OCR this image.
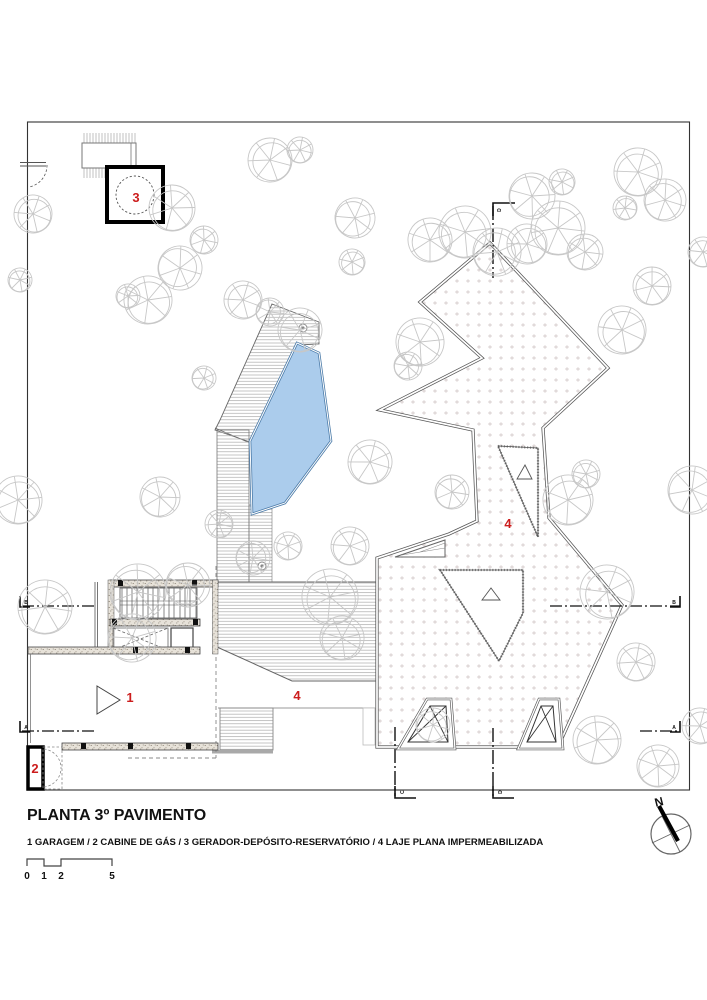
3
4
1
2
4
B	B
A	A
D
D
C
PLANTA 3º PAVIMENTO
1 GARAGEM / 2 CABINE DE GÁS / 3 GERADOR-DEPÓSITO-RESERVATÓRIO / 4 LAJE PLANA IMPERMEABILIZADA
0 1 2	5
N
